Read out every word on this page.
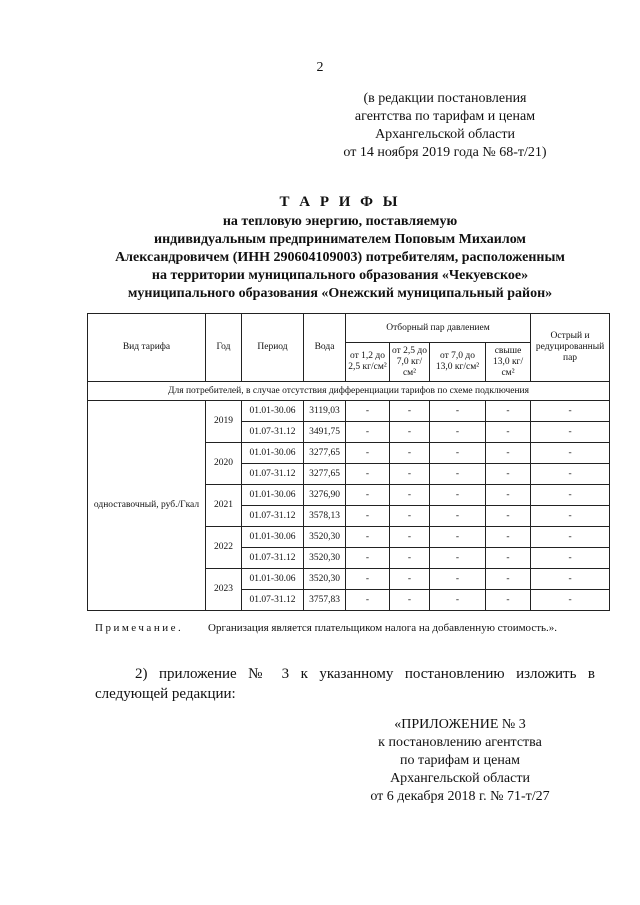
2
(в редакции постановления
агентства по тарифам и ценам
Архангельской области
от 14 ноября 2019 года № 68-т/21)
Т А Р И Ф Ы
на тепловую энергию, поставляемую
индивидуальным предпринимателем Поповым Михаилом
Александровичем (ИНН 290604109003) потребителям, расположенным
на территории муниципального образования «Чекуевское»
муниципального образования «Онежский муниципальный район»
Вид тарифа	Год	Период	Вода	Отборный пар давлением				Острый и редуцированный пар
				от 1,2 до 2,5 кг/см²	от 2,5 до 7,0 кг/см²	от 7,0 до 13,0 кг/см²	свыше 13,0 кг/см²	
Для потребителей, в случае отсутствия дифференциации тарифов по схеме подключения								
одноставочный, руб./Гкал	2019	01.01-30.06	3119,03	-	-	-	-	-
		01.07-31.12	3491,75	-	-	-	-	-
	2020	01.01-30.06	3277,65	-	-	-	-	-
		01.07-31.12	3277,65	-	-	-	-	-
	2021	01.01-30.06	3276,90	-	-	-	-	-
		01.07-31.12	3578,13	-	-	-	-	-
	2022	01.01-30.06	3520,30	-	-	-	-	-
		01.07-31.12	3520,30	-	-	-	-	-
	2023	01.01-30.06	3520,30	-	-	-	-	-
		01.07-31.12	3757,83	-	-	-	-	-
Примечание. Организация является плательщиком налога на добавленную стоимость.».
2) приложение № 3 к указанному постановлению изложить в следующей редакции:
«ПРИЛОЖЕНИЕ № 3
к постановлению агентства
по тарифам и ценам
Архангельской области
от 6 декабря 2018 г. № 71-т/27
